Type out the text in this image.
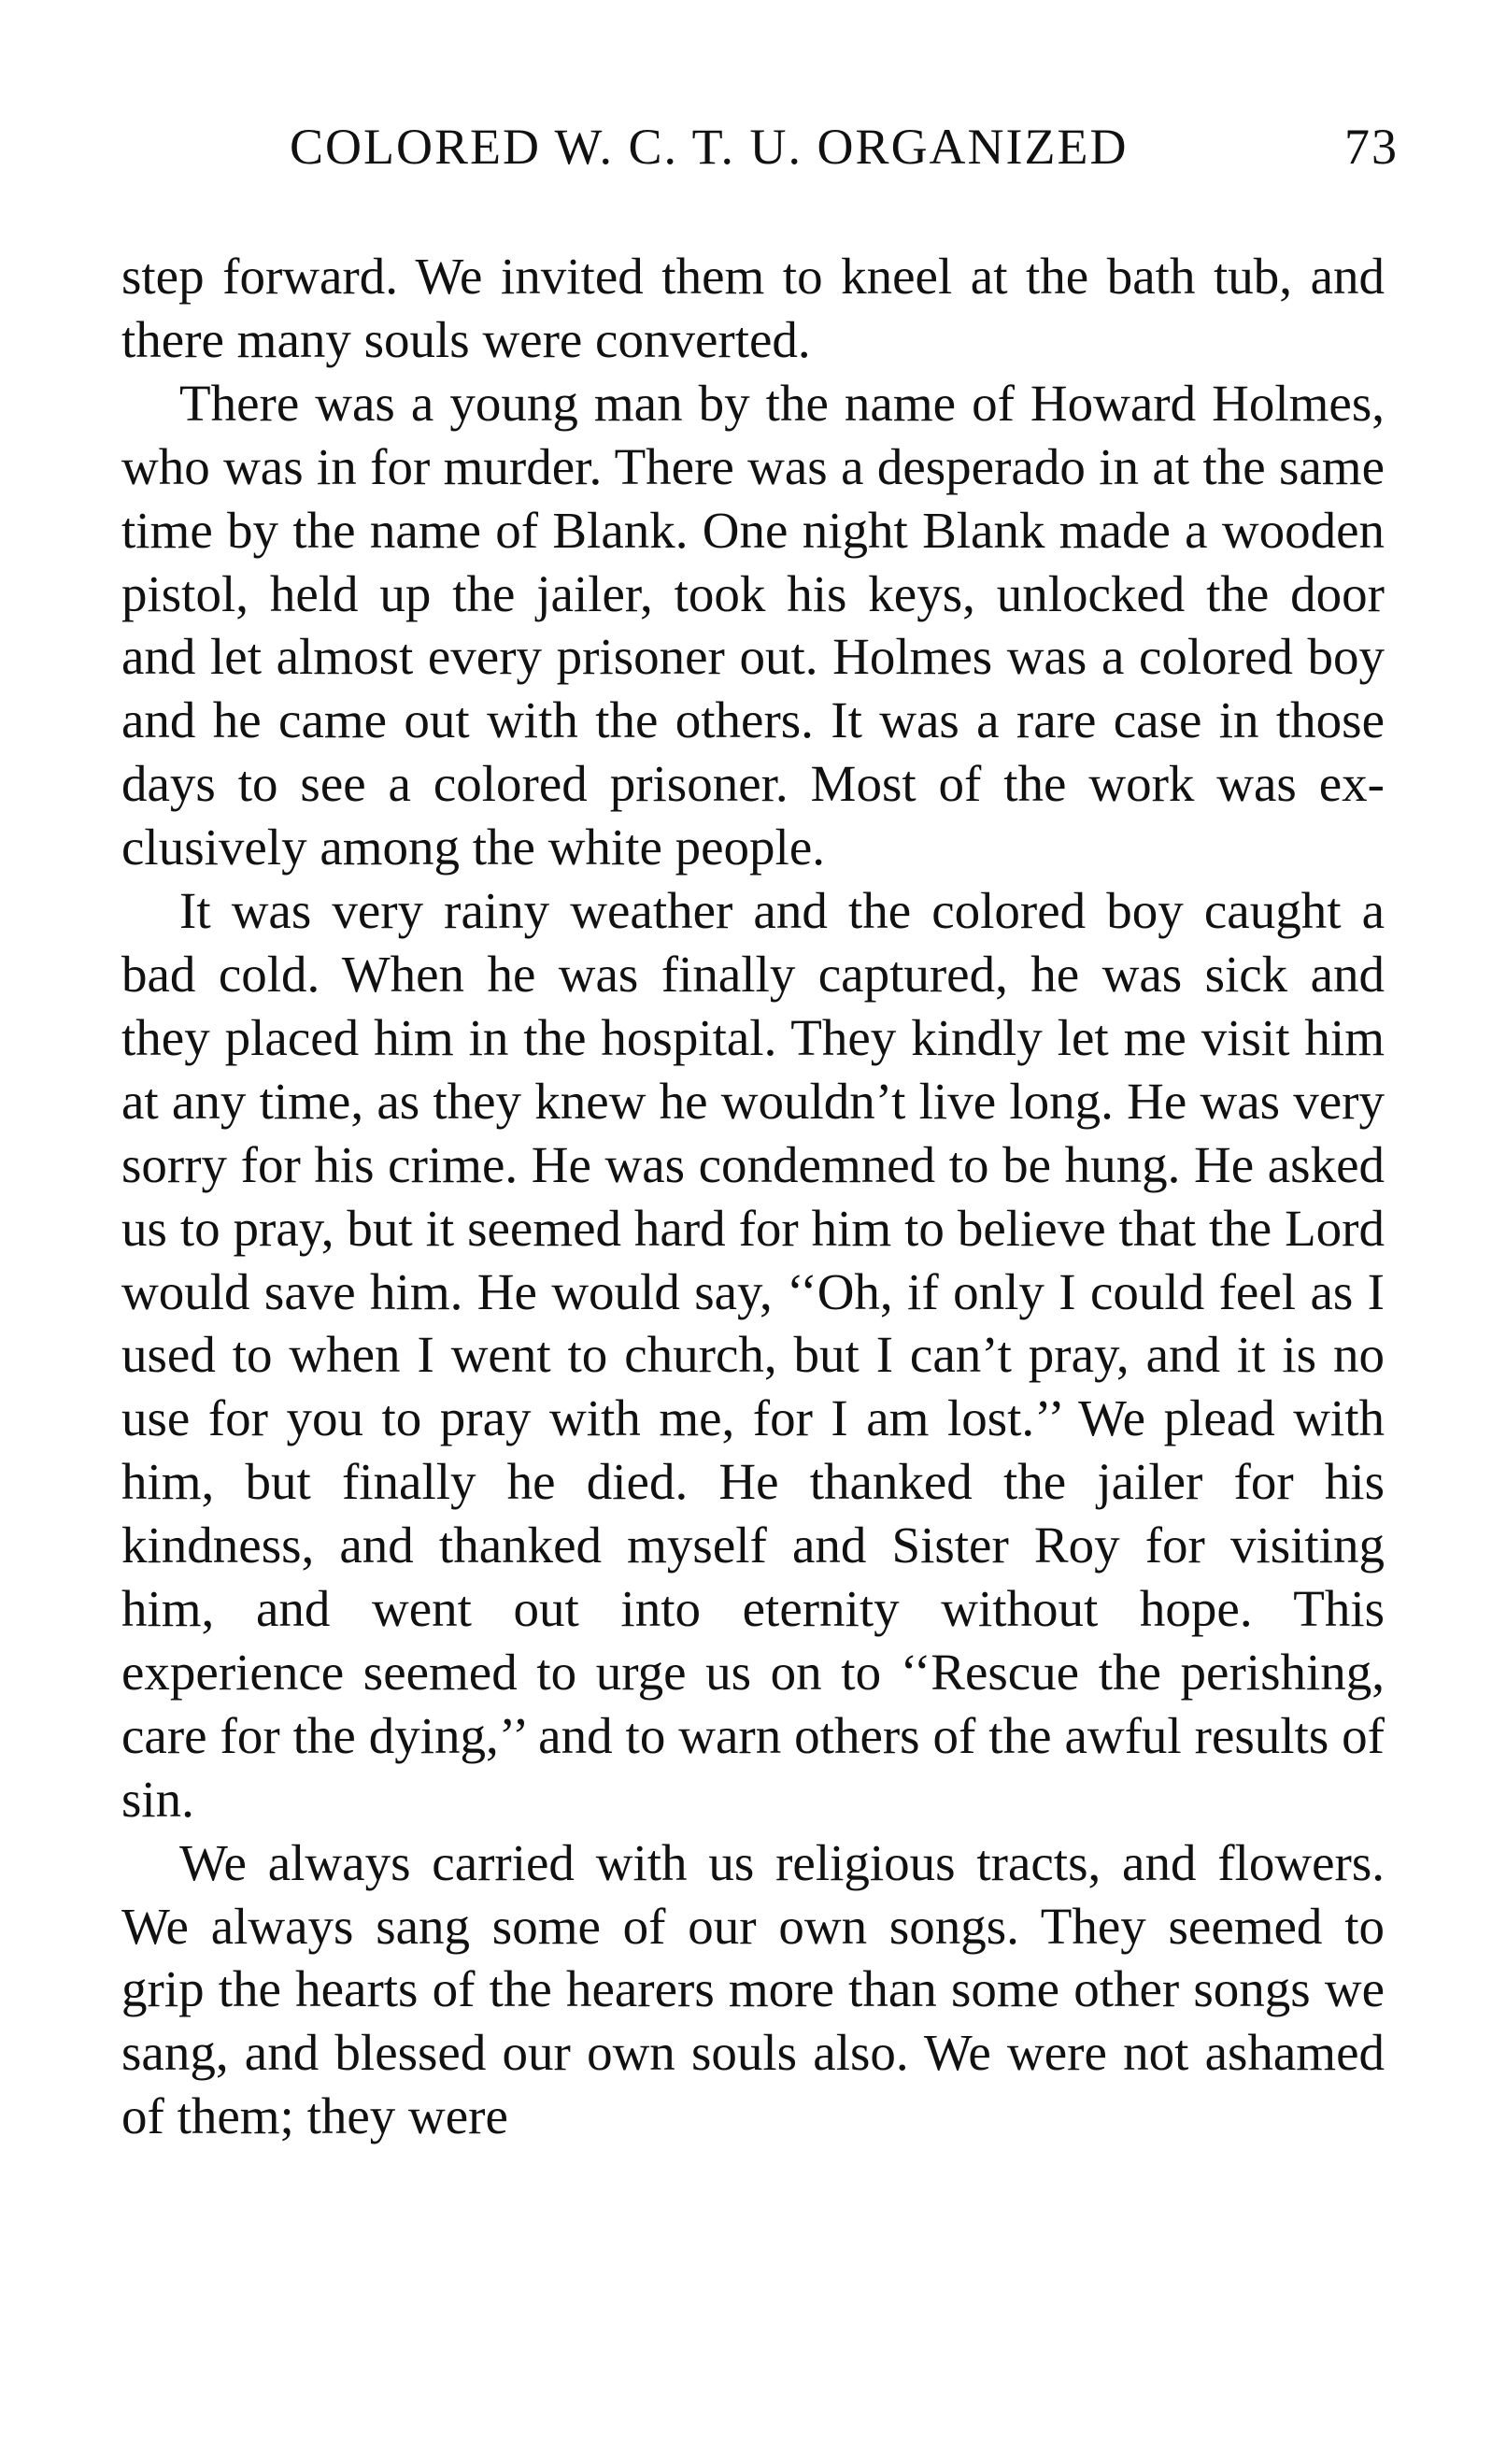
COLORED W. C. T. U. ORGANIZED	73

step forward. We invited them to kneel at the bath tub, and there many souls were converted.

There was a young man by the name of Howard Holmes, who was in for murder. There was a desperado in at the same time by the name of Blank. One night Blank made a wooden pistol, held up the jailer, took his keys, unlocked the door and let almost every prisoner out. Holmes was a colored boy and he came out with the others. It was a rare case in those days to see a colored prisoner. Most of the work was exclusively among the white people.

It was very rainy weather and the colored boy caught a bad cold. When he was finally captured, he was sick and they placed him in the hospital. They kindly let me visit him at any time, as they knew he wouldn’t live long. He was very sorry for his crime. He was condemned to be hung. He asked us to pray, but it seemed hard for him to believe that the Lord would save him. He would say, ‘‘Oh, if only I could feel as I used to when I went to church, but I can’t pray, and it is no use for you to pray with me, for I am lost.’’ We plead with him, but finally he died. He thanked the jailer for his kindness, and thanked myself and Sister Roy for visiting him, and went out into eternity without hope. This experience seemed to urge us on to ‘‘Rescue the perishing, care for the dying,’’ and to warn others of the awful results of sin.

We always carried with us religious tracts, and flowers. We always sang some of our own songs. They seemed to grip the hearts of the hearers more than some other songs we sang, and blessed our own souls also. We were not ashamed of them; they were
